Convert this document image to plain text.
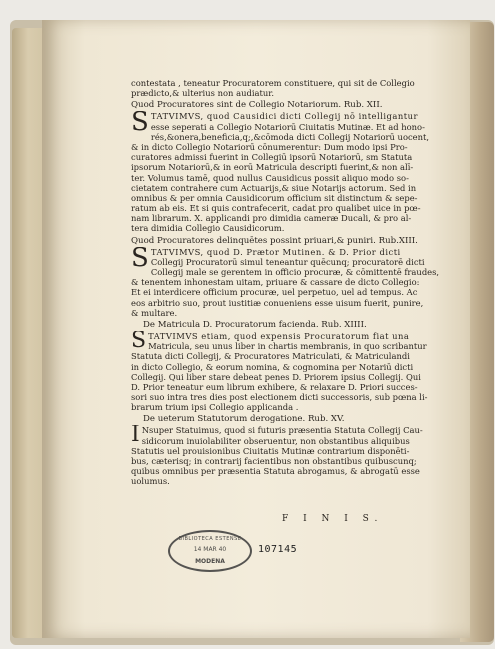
contestata , teneatur Procuratorem constituere, qui sit de Collegio
prædicto,& ulterius non audiatur.
Quod Procuratores sint de Collegio Notariorum. Rub. XII.
S TATVIMVS, quod Causidici dicti Collegij nō intelligantur
esse seperati a Collegio Notariorū Ciuitatis Mutinæ. Et ad hono-
rés,&onera,beneficia,q;,&cōmoda dicti Collegij Notariorū uocent,
& in dicto Collegio Notariorū cōnumerentur: Dum modo ipsi Pro-
curatores admissi fuerint in Collegiū ipsorū Notariorū, sm Statuta
ipsorum Notariorū,& in eorū Matricula descripti fuerint,& non alī-
ter. Volumus tamē, quod nullus Causidicus possit aliquo modo so-
cietatem contrahere cum Actuarijs,& siue Notarijs actorum. Sed in
omnibus & per omnia Causidicorum officium sit distinctum & sepe-
ratum ab eis. Et si quis contrafecerit, cadat pro qualibet uice in pœ-
nam librarum. X. applicandi pro dimidia cameræ Ducali, & pro al-
tera dimidia Collegio Causidicorum.
Quod Procuratores delinquētes possint priuari,& puniri. Rub.XIII.
S TATVIMVS, quod D. Prætor Mutinen. & D. Prior dicti
Collegij Procuratorū simul teneantur quēcunq; procuratorē dicti
Collegij male se gerentem in officio procuræ, & cōmittentē fraudes,
& tenentem inhonestam uitam, priuare & cassare de dicto Collegio:
Et ei interdicere officium procuræ, uel perpetuo, uel ad tempus. Ac
eos arbitrio suo, prout iustitiæ conueniens esse uisum fuerit, punire,
& multare.
De Matricula D. Procuratorum facienda. Rub. XIIII.
S TATVIMVS etiam, quod expensis Procuratorum fiat una
Matricula, seu unus liber in chartis membranis, in quo scribantur
Statuta dicti Collegij, & Procuratores Matriculati, & Matriculandi
in dicto Collegio, & eorum nomina, & cognomina per Notariū dicti
Collegij. Qui liber stare debeat penes D. Priorem ipsius Collegij. Qui
D. Prior teneatur eum librum exhibere, & relaxare D. Priori succes-
sori suo intra tres dies post electionem dicti successoris, sub pœna li-
brarum trium ipsi Collegio applicanda .
De ueterum Statutorum derogatione. Rub. XV.
I Nsuper Statuimus, quod si futuris præsentia Statuta Collegij Cau-
sidicorum inuiolabiliter obseruentur, non obstantibus aliquibus
Statutis uel prouisionibus Ciuitatis Mutinæ contrarium disponēti-
bus, cæterisq; in contrarij facientibus non obstantibus quibuscunq;
quibus omnibus per præsentia Statuta abrogamus, & abrogatū esse
uolumus.
F I N I S.
BIBLIOTECA ESTENSE
14 MAR 40
MODENA
107145
